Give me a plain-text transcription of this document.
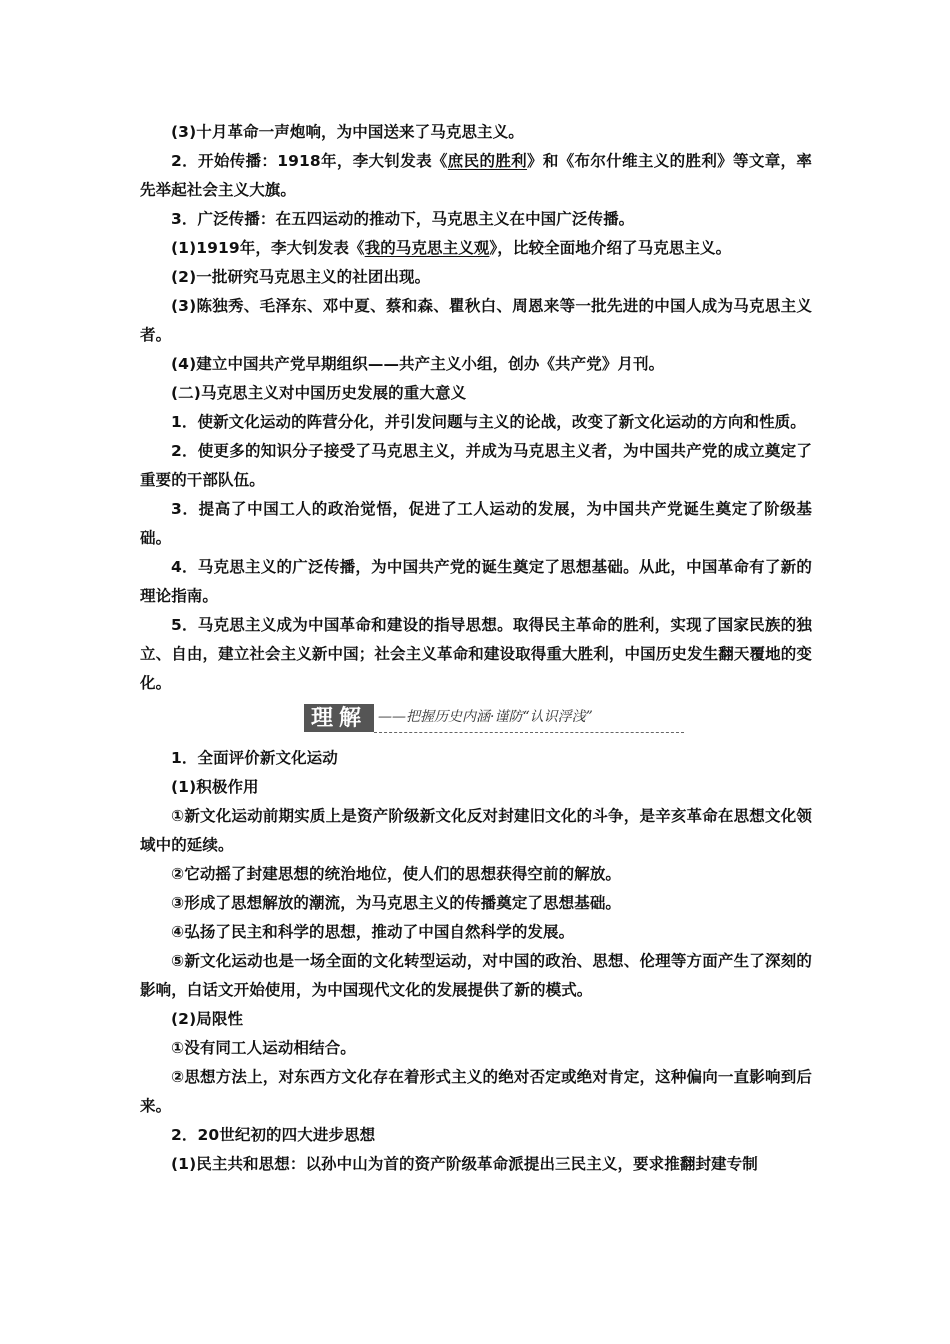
(3)十月革命一声炮响，为中国送来了马克思主义。

2．开始传播：1918年，李大钊发表《庶民的胜利》和《布尔什维主义的胜利》等文章，率先举起社会主义大旗。

3．广泛传播：在五四运动的推动下，马克思主义在中国广泛传播。

(1)1919年，李大钊发表《我的马克思主义观》，比较全面地介绍了马克思主义。

(2)一批研究马克思主义的社团出现。

(3)陈独秀、毛泽东、邓中夏、蔡和森、瞿秋白、周恩来等一批先进的中国人成为马克思主义者。

(4)建立中国共产党早期组织——共产主义小组，创办《共产党》月刊。

(二)马克思主义对中国历史发展的重大意义

1．使新文化运动的阵营分化，并引发问题与主义的论战，改变了新文化运动的方向和性质。

2．使更多的知识分子接受了马克思主义，并成为马克思主义者，为中国共产党的成立奠定了重要的干部队伍。

3．提高了中国工人的政治觉悟，促进了工人运动的发展，为中国共产党诞生奠定了阶级基础。

4．马克思主义的广泛传播，为中国共产党的诞生奠定了思想基础。从此，中国革命有了新的理论指南。

5．马克思主义成为中国革命和建设的指导思想。取得民主革命的胜利，实现了国家民族的独立、自由，建立社会主义新中国；社会主义革命和建设取得重大胜利，中国历史发生翻天覆地的变化。

理解 ——把握历史内涵·谨防“认识浮浅”

1．全面评价新文化运动

(1)积极作用

①新文化运动前期实质上是资产阶级新文化反对封建旧文化的斗争，是辛亥革命在思想文化领域中的延续。

②它动摇了封建思想的统治地位，使人们的思想获得空前的解放。

③形成了思想解放的潮流，为马克思主义的传播奠定了思想基础。

④弘扬了民主和科学的思想，推动了中国自然科学的发展。

⑤新文化运动也是一场全面的文化转型运动，对中国的政治、思想、伦理等方面产生了深刻的影响，白话文开始使用，为中国现代文化的发展提供了新的模式。

(2)局限性

①没有同工人运动相结合。

②思想方法上，对东西方文化存在着形式主义的绝对否定或绝对肯定，这种偏向一直影响到后来。

2．20世纪初的四大进步思想

(1)民主共和思想：以孙中山为首的资产阶级革命派提出三民主义，要求推翻封建专制
